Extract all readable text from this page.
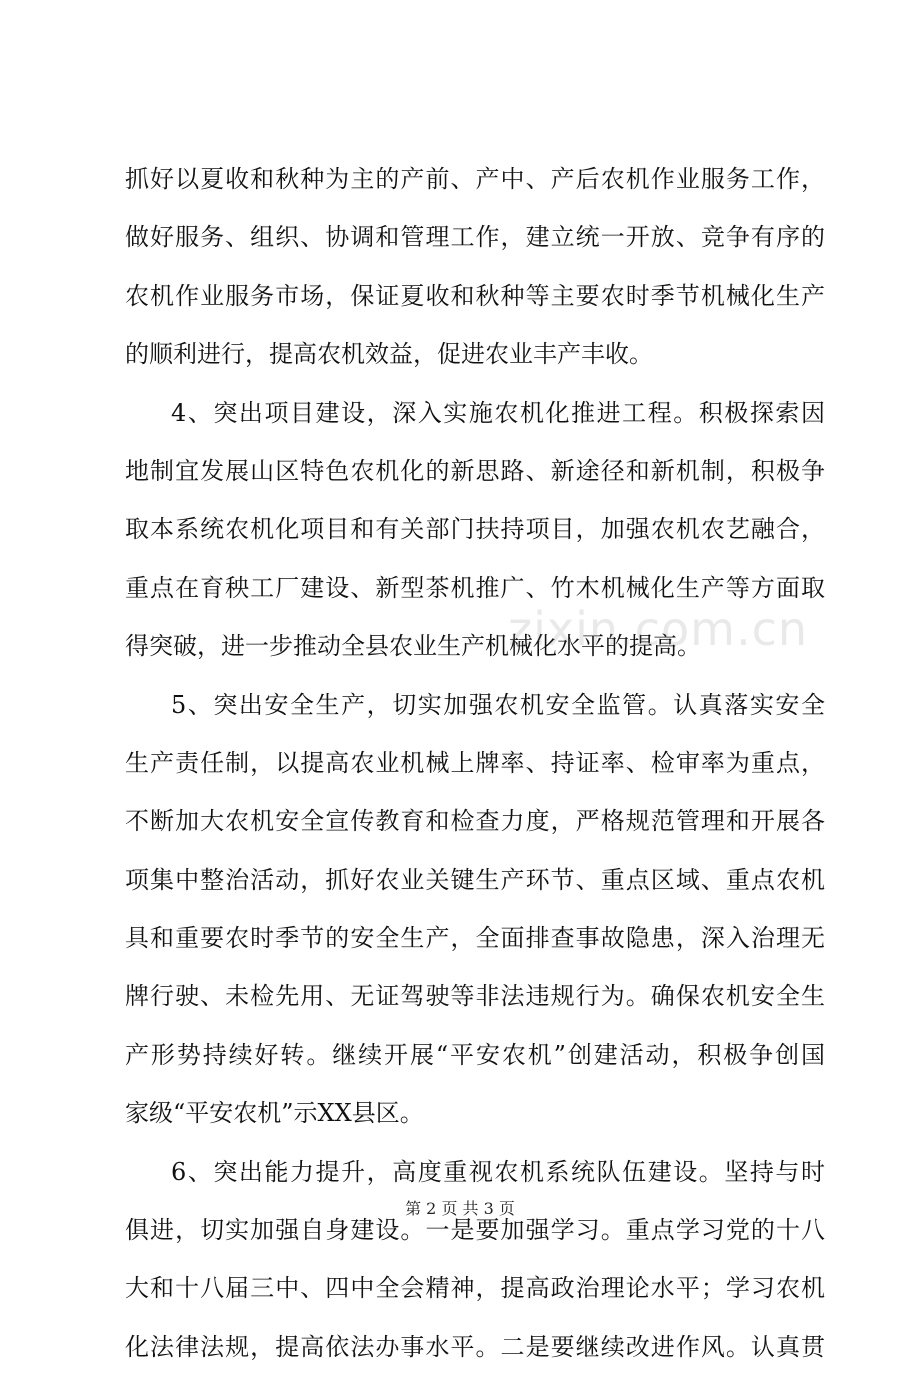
抓好以夏收和秋种为主的产前、产中、产后农机作业服务工作，
做好服务、组织、协调和管理工作，建立统一开放、竞争有序的
农机作业服务市场，保证夏收和秋种等主要农时季节机械化生产
的顺利进行，提高农机效益，促进农业丰产丰收。
4、突出项目建设，深入实施农机化推进工程。积极探索因
地制宜发展山区特色农机化的新思路、新途径和新机制，积极争
取本系统农机化项目和有关部门扶持项目，加强农机农艺融合，
重点在育秧工厂建设、新型茶机推广、竹木机械化生产等方面取
得突破，进一步推动全县农业生产机械化水平的提高。
5、突出安全生产，切实加强农机安全监管。认真落实安全
生产责任制，以提高农业机械上牌率、持证率、检审率为重点，
不断加大农机安全宣传教育和检查力度，严格规范管理和开展各
项集中整治活动，抓好农业关键生产环节、重点区域、重点农机
具和重要农时季节的安全生产，全面排查事故隐患，深入治理无
牌行驶、未检先用、无证驾驶等非法违规行为。确保农机安全生
产形势持续好转。继续开展“平安农机”创建活动，积极争创国
家级“平安农机”示XX县区。
6、突出能力提升，高度重视农机系统队伍建设。坚持与时
俱进，切实加强自身建设。一是要加强学习。重点学习党的十八
大和十八届三中、四中全会精神，提高政治理论水平；学习农机
化法律法规，提高依法办事水平。二是要继续改进作风。认真贯
zixin.com.cn
第 2 页 共 3 页
